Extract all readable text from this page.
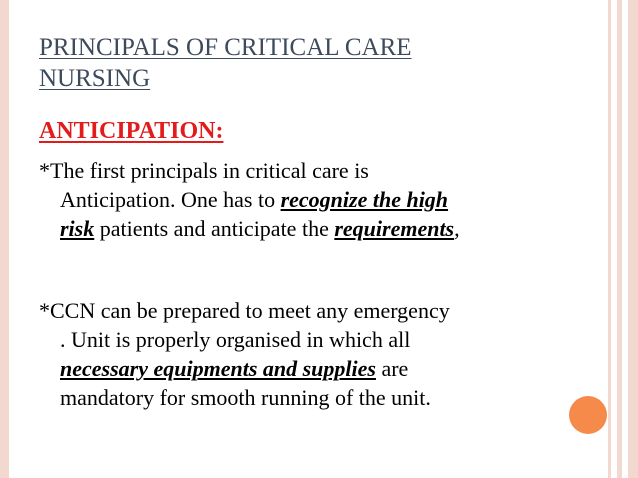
PRINCIPALS OF CRITICAL CARE
NURSING
ANTICIPATION:

*The first principals in critical care is
Anticipation. One has to recognize the high
risk patients and anticipate the requirements,

*CCN can be prepared to meet any emergency
. Unit is properly organised in which all
necessary equipments and supplies are
mandatory for smooth running of the unit.
